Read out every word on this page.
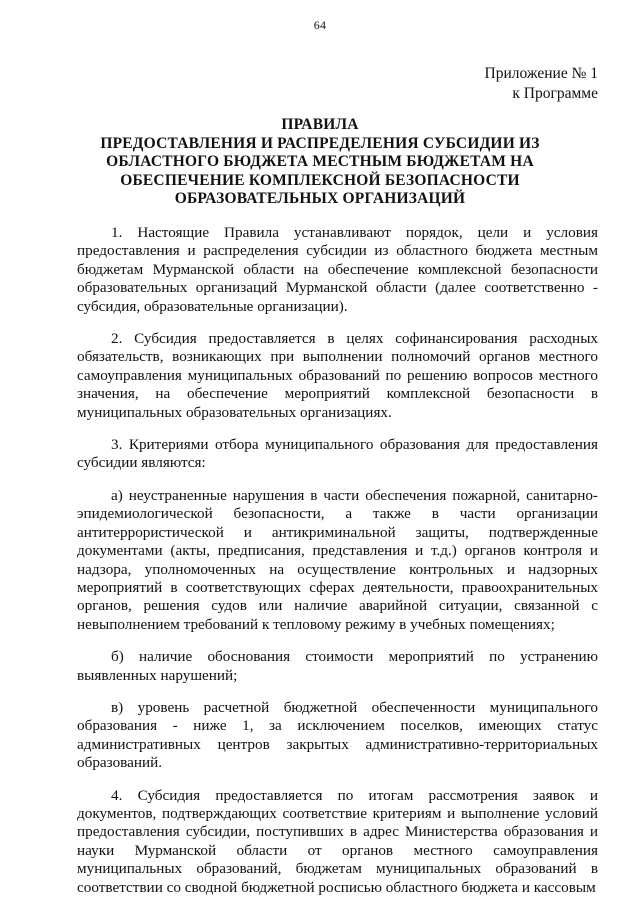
64
Приложение № 1
к Программе
ПРАВИЛА
ПРЕДОСТАВЛЕНИЯ И РАСПРЕДЕЛЕНИЯ СУБСИДИИ ИЗ
ОБЛАСТНОГО БЮДЖЕТА МЕСТНЫМ БЮДЖЕТАМ НА
ОБЕСПЕЧЕНИЕ КОМПЛЕКСНОЙ БЕЗОПАСНОСТИ
ОБРАЗОВАТЕЛЬНЫХ ОРГАНИЗАЦИЙ

1. Настоящие Правила устанавливают порядок, цели и условия предоставления и распределения субсидии из областного бюджета местным бюджетам Мурманской области на обеспечение комплексной безопасности образовательных организаций Мурманской области (далее соответственно - субсидия, образовательные организации).

2. Субсидия предоставляется в целях софинансирования расходных обязательств, возникающих при выполнении полномочий органов местного самоуправления муниципальных образований по решению вопросов местного значения, на обеспечение мероприятий комплексной безопасности в муниципальных образовательных организациях.

3. Критериями отбора муниципального образования для предоставления субсидии являются:

а) неустраненные нарушения в части обеспечения пожарной, санитарно-эпидемиологической безопасности, а также в части организации антитеррористической и антикриминальной защиты, подтвержденные документами (акты, предписания, представления и т.д.) органов контроля и надзора, уполномоченных на осуществление контрольных и надзорных мероприятий в соответствующих сферах деятельности, правоохранительных органов, решения судов или наличие аварийной ситуации, связанной с невыполнением требований к тепловому режиму в учебных помещениях;

б) наличие обоснования стоимости мероприятий по устранению выявленных нарушений;

в) уровень расчетной бюджетной обеспеченности муниципального образования - ниже 1, за исключением поселков, имеющих статус административных центров закрытых административно-территориальных образований.

4. Субсидия предоставляется по итогам рассмотрения заявок и документов, подтверждающих соответствие критериям и выполнение условий предоставления субсидии, поступивших в адрес Министерства образования и науки Мурманской области от органов местного самоуправления муниципальных образований, бюджетам муниципальных образований в соответствии со сводной бюджетной росписью областного бюджета и кассовым
